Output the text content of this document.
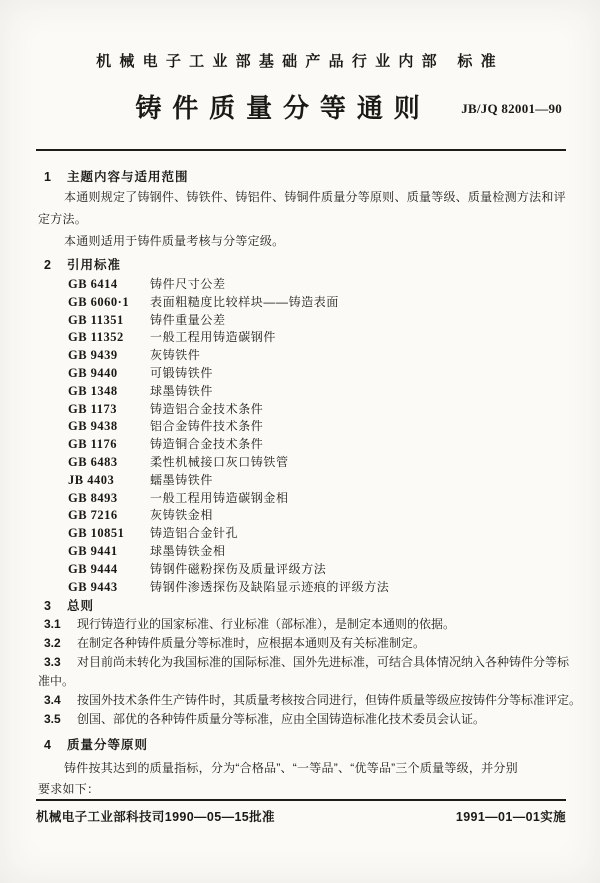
机械电子工业部基础产品行业内部 标准
铸件质量分等通则 JB/JQ 82001—90
1 主题内容与适用范围
本通则规定了铸钢件、铸铁件、铸铝件、铸铜件质量分等原则、质量等级、质量检测方法和评
定方法。
本通则适用于铸件质量考核与分等定级。
2 引用标准
GB 6414	铸件尺寸公差
GB 6060·1	表面粗糙度比较样块——铸造表面
GB 11351	铸件重量公差
GB 11352	一般工程用铸造碳钢件
GB 9439	灰铸铁件
GB 9440	可锻铸铁件
GB 1348	球墨铸铁件
GB 1173	铸造铝合金技术条件
GB 9438	铝合金铸件技术条件
GB 1176	铸造铜合金技术条件
GB 6483	柔性机械接口灰口铸铁管
JB 4403	蠕墨铸铁件
GB 8493	一般工程用铸造碳钢金相
GB 7216	灰铸铁金相
GB 10851	铸造铝合金针孔
GB 9441	球墨铸铁金相
GB 9444	铸钢件磁粉探伤及质量评级方法
GB 9443	铸钢件渗透探伤及缺陷显示迹痕的评级方法
3 总则
3.1 现行铸造行业的国家标准、行业标准（部标准），是制定本通则的依据。
3.2 在制定各种铸件质量分等标准时，应根据本通则及有关标准制定。
3.3 对目前尚未转化为我国标准的国际标准、国外先进标准，可结合具体情况纳入各种铸件分等标
准中。
3.4 按国外技术条件生产铸件时，其质量考核按合同进行，但铸件质量等级应按铸件分等标准评定。
3.5 创国、部优的各种铸件质量分等标准，应由全国铸造标准化技术委员会认证。
4 质量分等原则
铸件按其达到的质量指标，分为“合格品”、“一等品”、“优等品”三个质量等级，并分别
要求如下：
机械电子工业部科技司1990—05—15批准	1991—01—01实施
